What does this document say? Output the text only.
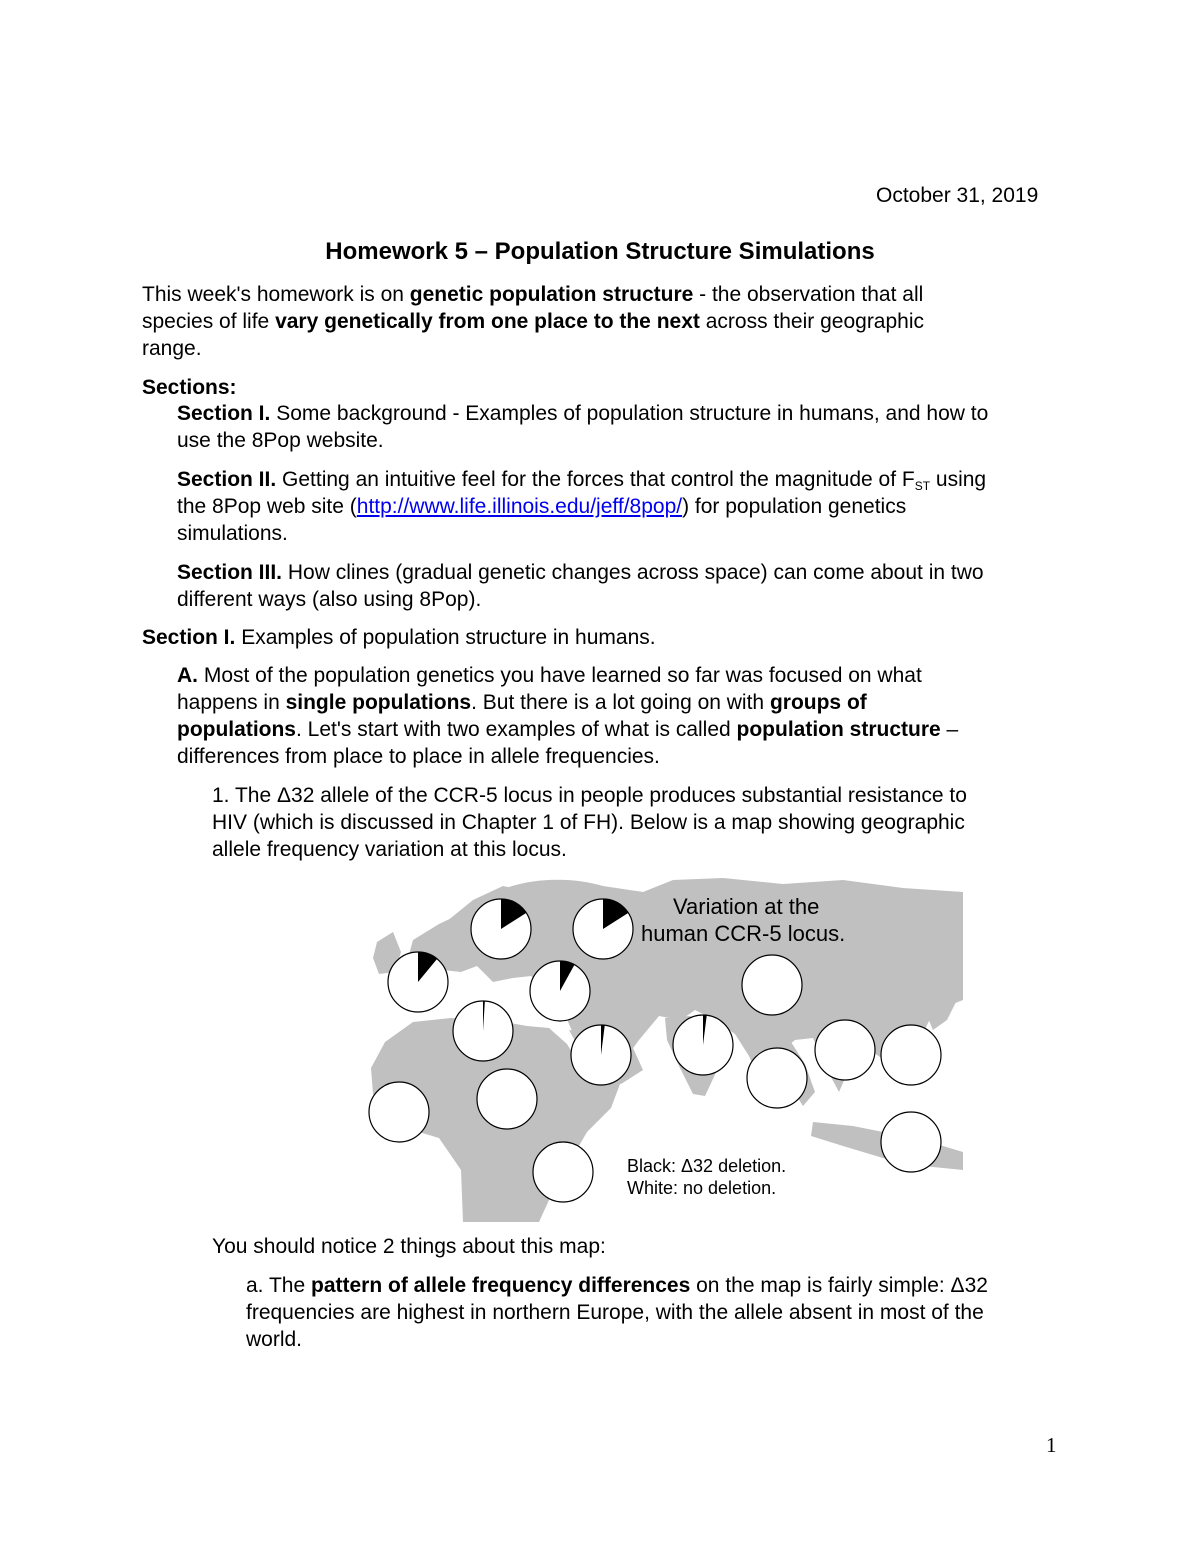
October 31, 2019
Homework 5 – Population Structure Simulations
This week's homework is on genetic population structure - the observation that all
species of life vary genetically from one place to the next across their geographic
range.
Sections:
Section I. Some background - Examples of population structure in humans, and how to
use the 8Pop website.
Section II. Getting an intuitive feel for the forces that control the magnitude of $F_{ST}$ using
the 8Pop web site (http://www.life.illinois.edu/jeff/8pop/) for population genetics
simulations.
Section III. How clines (gradual genetic changes across space) can come about in two
different ways (also using 8Pop).
Section I. Examples of population structure in humans.
A. Most of the population genetics you have learned so far was focused on what
happens in single populations. But there is a lot going on with groups of
populations. Let's start with two examples of what is called population structure –
differences from place to place in allele frequencies.
1. The Δ32 allele of the CCR-5 locus in people produces substantial resistance to
HIV (which is discussed in Chapter 1 of FH). Below is a map showing geographic
allele frequency variation at this locus.
Variation at the
human CCR-5 locus.
Black: Δ32 deletion.
White: no deletion.
You should notice 2 things about this map:
a. The pattern of allele frequency differences on the map is fairly simple: Δ32
frequencies are highest in northern Europe, with the allele absent in most of the
world.
1
